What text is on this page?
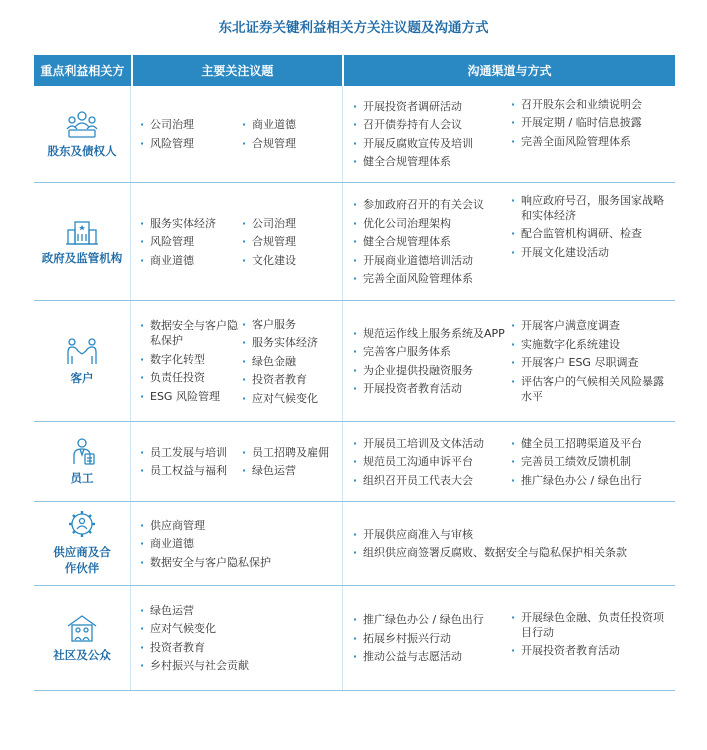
东北证券关键利益相关方关注议题及沟通方式
重点利益相关方	主要关注议题	沟通渠道与方式
股东及债权人
· 公司治理
· 风险管理
· 商业道德
· 合规管理
· 开展投资者调研活动
· 召开债券持有人会议
· 开展反腐败宣传及培训
· 健全合规管理体系
· 召开股东会和业绩说明会
· 开展定期 / 临时信息披露
· 完善全面风险管理体系
政府及监管机构
· 服务实体经济
· 风险管理
· 商业道德
· 公司治理
· 合规管理
· 文化建设
· 参加政府召开的有关会议
· 优化公司治理架构
· 健全合规管理体系
· 开展商业道德培训活动
· 完善全面风险管理体系
· 响应政府号召，服务国家战略和实体经济
· 配合监管机构调研、检查
· 开展文化建设活动
客户
· 数据安全与客户隐私保护
· 数字化转型
· 负责任投资
· ESG 风险管理
· 客户服务
· 服务实体经济
· 绿色金融
· 投资者教育
· 应对气候变化
· 规范运作线上服务系统及APP
· 完善客户服务体系
· 为企业提供投融资服务
· 开展投资者教育活动
· 开展客户满意度调查
· 实施数字化系统建设
· 开展客户 ESG 尽职调查
· 评估客户的气候相关风险暴露水平
员工
· 员工发展与培训
· 员工权益与福利
· 员工招聘及雇佣
· 绿色运营
· 开展员工培训及文体活动
· 规范员工沟通申诉平台
· 组织召开员工代表大会
· 健全员工招聘渠道及平台
· 完善员工绩效反馈机制
· 推广绿色办公 / 绿色出行
供应商及合作伙伴
· 供应商管理
· 商业道德
· 数据安全与客户隐私保护
· 开展供应商准入与审核
· 组织供应商签署反腐败、数据安全与隐私保护相关条款
社区及公众
· 绿色运营
· 应对气候变化
· 投资者教育
· 乡村振兴与社会贡献
· 推广绿色办公 / 绿色出行
· 拓展乡村振兴行动
· 推动公益与志愿活动
· 开展绿色金融、负责任投资项目行动
· 开展投资者教育活动
